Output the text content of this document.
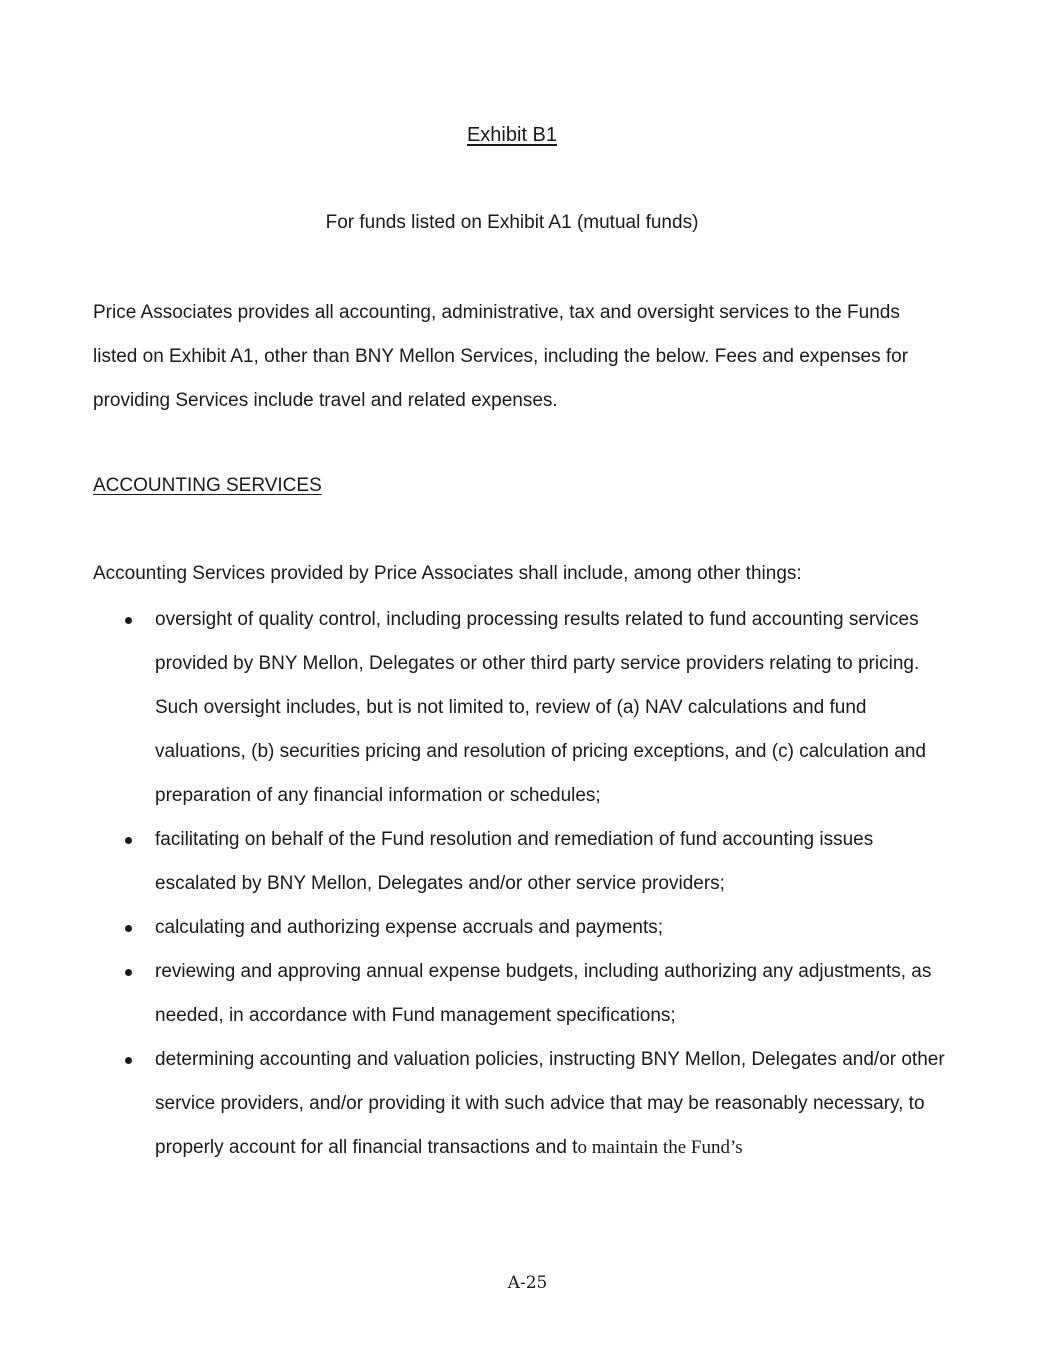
Exhibit B1
For funds listed on Exhibit A1 (mutual funds)

Price Associates provides all accounting, administrative, tax and oversight services to the Funds listed on Exhibit A1, other than BNY Mellon Services, including the below. Fees and expenses for providing Services include travel and related expenses.

ACCOUNTING SERVICES
Accounting Services provided by Price Associates shall include, among other things:
oversight of quality control, including processing results related to fund accounting services provided by BNY Mellon, Delegates or other third party service providers relating to pricing. Such oversight includes, but is not limited to, review of (a) NAV calculations and fund valuations, (b) securities pricing and resolution of pricing exceptions, and (c) calculation and preparation of any financial information or schedules;
facilitating on behalf of the Fund resolution and remediation of fund accounting issues escalated by BNY Mellon, Delegates and/or other service providers;
calculating and authorizing expense accruals and payments;
reviewing and approving annual expense budgets, including authorizing any adjustments, as needed, in accordance with Fund management specifications;
determining accounting and valuation policies, instructing BNY Mellon, Delegates and/or other service providers, and/or providing it with such advice that may be reasonably necessary, to properly account for all financial transactions and to maintain the Fund’s
A-25
